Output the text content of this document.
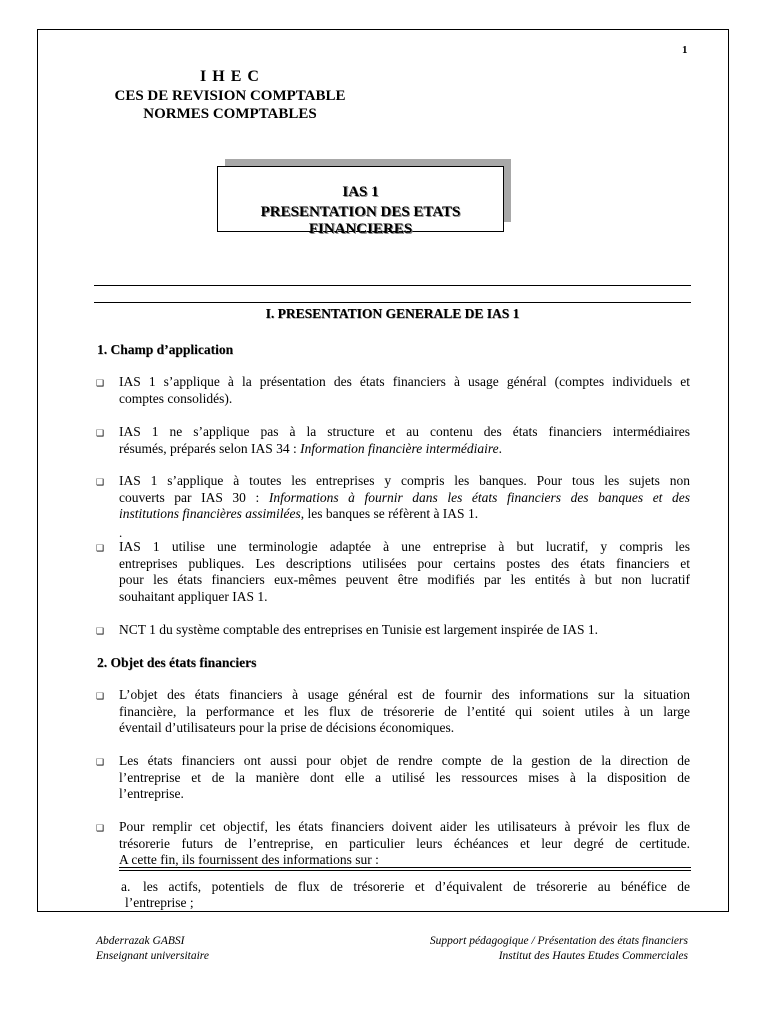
1
I H E C
CES DE REVISION COMPTABLE
NORMES COMPTABLES
IAS 1
PRESENTATION DES ETATS
FINANCIERES
I. PRESENTATION GENERALE DE IAS 1
1. Champ d’application
❑ IAS 1 s’applique à la présentation des états financiers à usage général (comptes individuels et
comptes consolidés).
❑ IAS 1 ne s’applique pas à la structure et au contenu des états financiers intermédiaires
résumés, préparés selon IAS 34 : Information financière intermédiaire.
❑ IAS 1 s’applique à toutes les entreprises y compris les banques. Pour tous les sujets non
couverts par IAS 30 : Informations à fournir dans les états financiers des banques et des
institutions financières assimilées, les banques se réfèrent à IAS 1.
.
❑ IAS 1 utilise une terminologie adaptée à une entreprise à but lucratif, y compris les
entreprises publiques. Les descriptions utilisées pour certains postes des états financiers et
pour les états financiers eux-mêmes peuvent être modifiés par les entités à but non lucratif
souhaitant appliquer IAS 1.
❑ NCT 1 du système comptable des entreprises en Tunisie est largement inspirée de IAS 1.
2. Objet des états financiers
❑ L’objet des états financiers à usage général est de fournir des informations sur la situation
financière, la performance et les flux de trésorerie de l’entité qui soient utiles à un large
éventail d’utilisateurs pour la prise de décisions économiques.
❑ Les états financiers ont aussi pour objet de rendre compte de la gestion de la direction de
l’entreprise et de la manière dont elle a utilisé les ressources mises à la disposition de
l’entreprise.
❑ Pour remplir cet objectif, les états financiers doivent aider les utilisateurs à prévoir les flux de
trésorerie futurs de l’entreprise, en particulier leurs échéances et leur degré de certitude.
A cette fin, ils fournissent des informations sur :
a. les actifs, potentiels de flux de trésorerie et d’équivalent de trésorerie au bénéfice de
l’entreprise ;
Abderrazak GABSI
Enseignant universitaire
Support pédagogique / Présentation des états financiers
Institut des Hautes Etudes Commerciales
